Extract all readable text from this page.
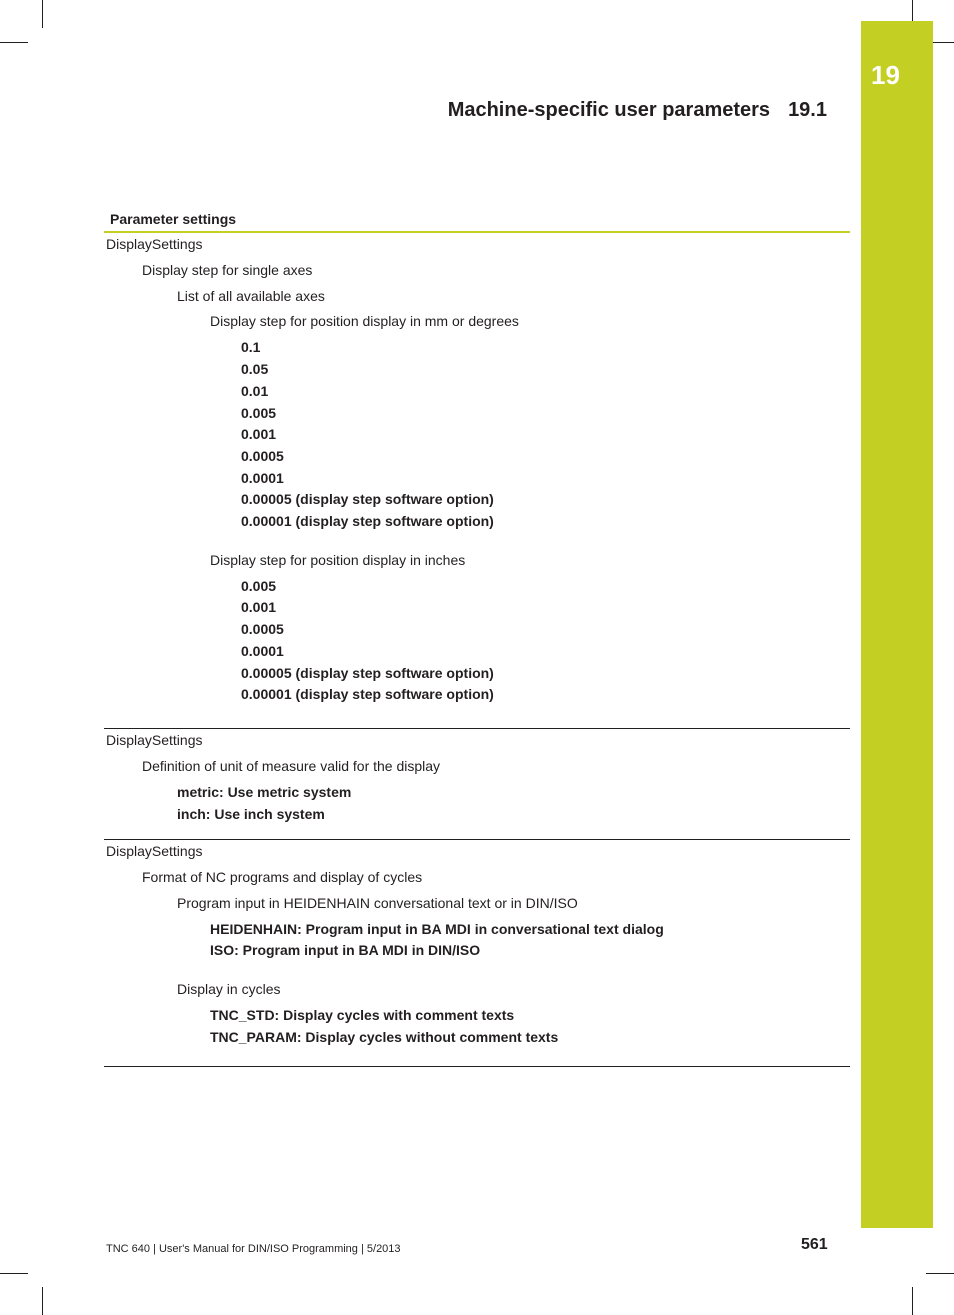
19
Machine-specific user parameters 19.1
Parameter settings
DisplaySettings
Display step for single axes
List of all available axes
Display step for position display in mm or degrees
0.1
0.05
0.01
0.005
0.001
0.0005
0.0001
0.00005 (display step software option)
0.00001 (display step software option)
Display step for position display in inches
0.005
0.001
0.0005
0.0001
0.00005 (display step software option)
0.00001 (display step software option)
DisplaySettings
Definition of unit of measure valid for the display
metric: Use metric system
inch: Use inch system
DisplaySettings
Format of NC programs and display of cycles
Program input in HEIDENHAIN conversational text or in DIN/ISO
HEIDENHAIN: Program input in BA MDI in conversational text dialog
ISO: Program input in BA MDI in DIN/ISO
Display in cycles
TNC_STD: Display cycles with comment texts
TNC_PARAM: Display cycles without comment texts
TNC 640 | User's Manual for DIN/ISO Programming | 5/2013	561
